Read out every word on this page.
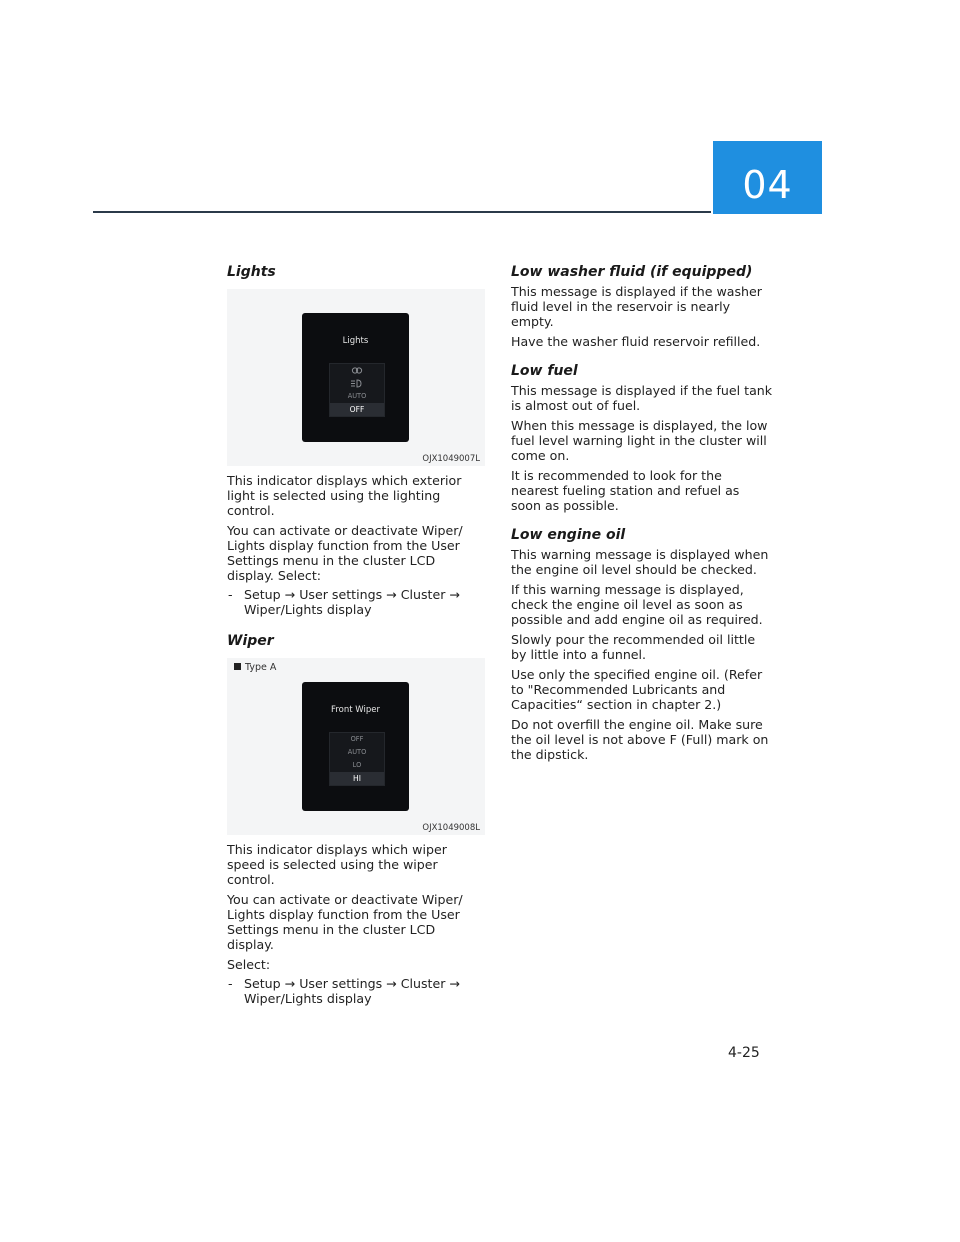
04
Lights
Lights
AUTO
OFF
OJX1049007L

This indicator displays which exterior light is selected using the lighting control.

You can activate or deactivate Wiper/ Lights display function from the User Settings menu in the cluster LCD display. Select:

- Setup → User settings → Cluster → Wiper/Lights display
Wiper
Type A
Front Wiper
OFF
AUTO
LO
HI
OJX1049008L

This indicator displays which wiper speed is selected using the wiper control.

You can activate or deactivate Wiper/ Lights display function from the User Settings menu in the cluster LCD display.

Select:

- Setup → User settings → Cluster → Wiper/Lights display
Low washer fluid (if equipped)

This message is displayed if the washer fluid level in the reservoir is nearly empty.

Have the washer fluid reservoir refilled.

Low fuel

This message is displayed if the fuel tank is almost out of fuel.

When this message is displayed, the low fuel level warning light in the cluster will come on.

It is recommended to look for the nearest fueling station and refuel as soon as possible.

Low engine oil

This warning message is displayed when the engine oil level should be checked.

If this warning message is displayed, check the engine oil level as soon as possible and add engine oil as required.

Slowly pour the recommended oil little by little into a funnel.

Use only the specified engine oil. (Refer to "Recommended Lubricants and Capacities“ section in chapter 2.)

Do not overfill the engine oil. Make sure the oil level is not above F (Full) mark on the dipstick.

4-25
